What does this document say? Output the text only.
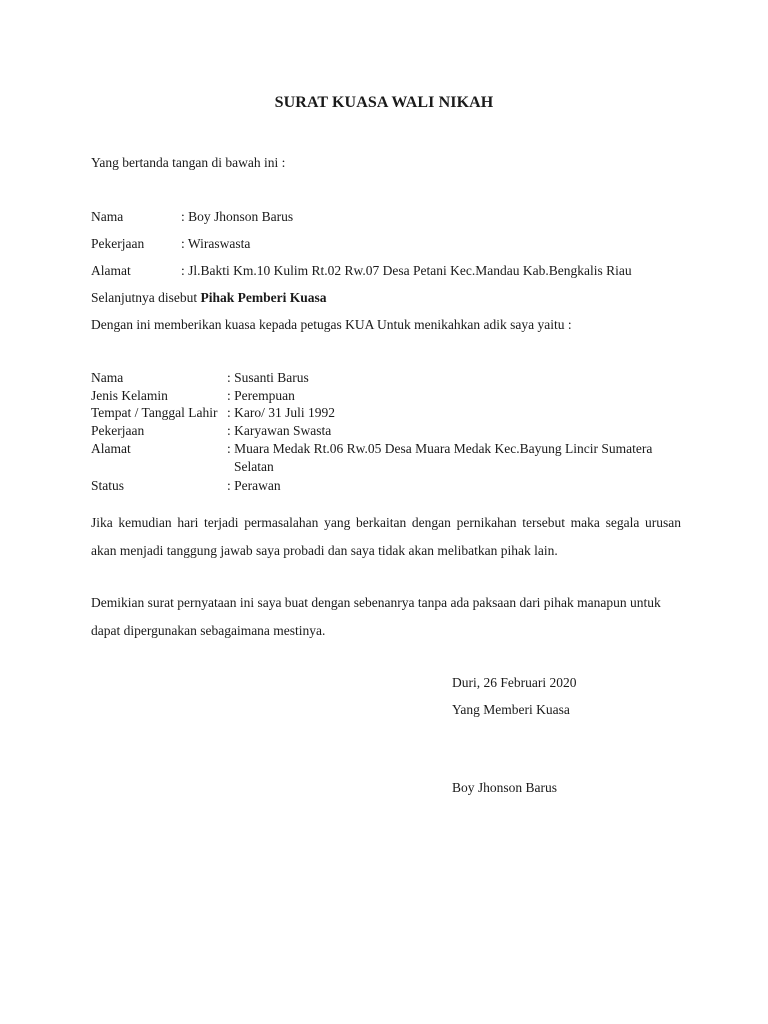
SURAT KUASA WALI NIKAH
Yang bertanda tangan di bawah ini :
Nama	: Boy Jhonson Barus
Pekerjaan	: Wiraswasta
Alamat	: Jl.Bakti Km.10 Kulim Rt.02 Rw.07 Desa Petani Kec.Mandau Kab.Bengkalis Riau
Selanjutnya disebut Pihak Pemberi Kuasa
Dengan ini memberikan kuasa kepada petugas KUA Untuk menikahkan adik saya yaitu :
Nama	: Susanti Barus
Jenis Kelamin	: Perempuan
Tempat / Tanggal Lahir : Karo/ 31 Juli 1992
Pekerjaan	: Karyawan Swasta
Alamat	: Muara Medak Rt.06 Rw.05 Desa Muara Medak Kec.Bayung Lincir Sumatera
Selatan
Status	: Perawan
Jika kemudian hari terjadi permasalahan yang berkaitan dengan pernikahan tersebut maka segala urusan akan menjadi tanggung jawab saya probadi dan saya tidak akan melibatkan pihak lain.
Demikian surat pernyataan ini saya buat dengan sebenanrya tanpa ada paksaan dari pihak manapun untuk dapat dipergunakan sebagaimana mestinya.
Duri, 26 Februari 2020
Yang Memberi Kuasa
Boy Jhonson Barus
